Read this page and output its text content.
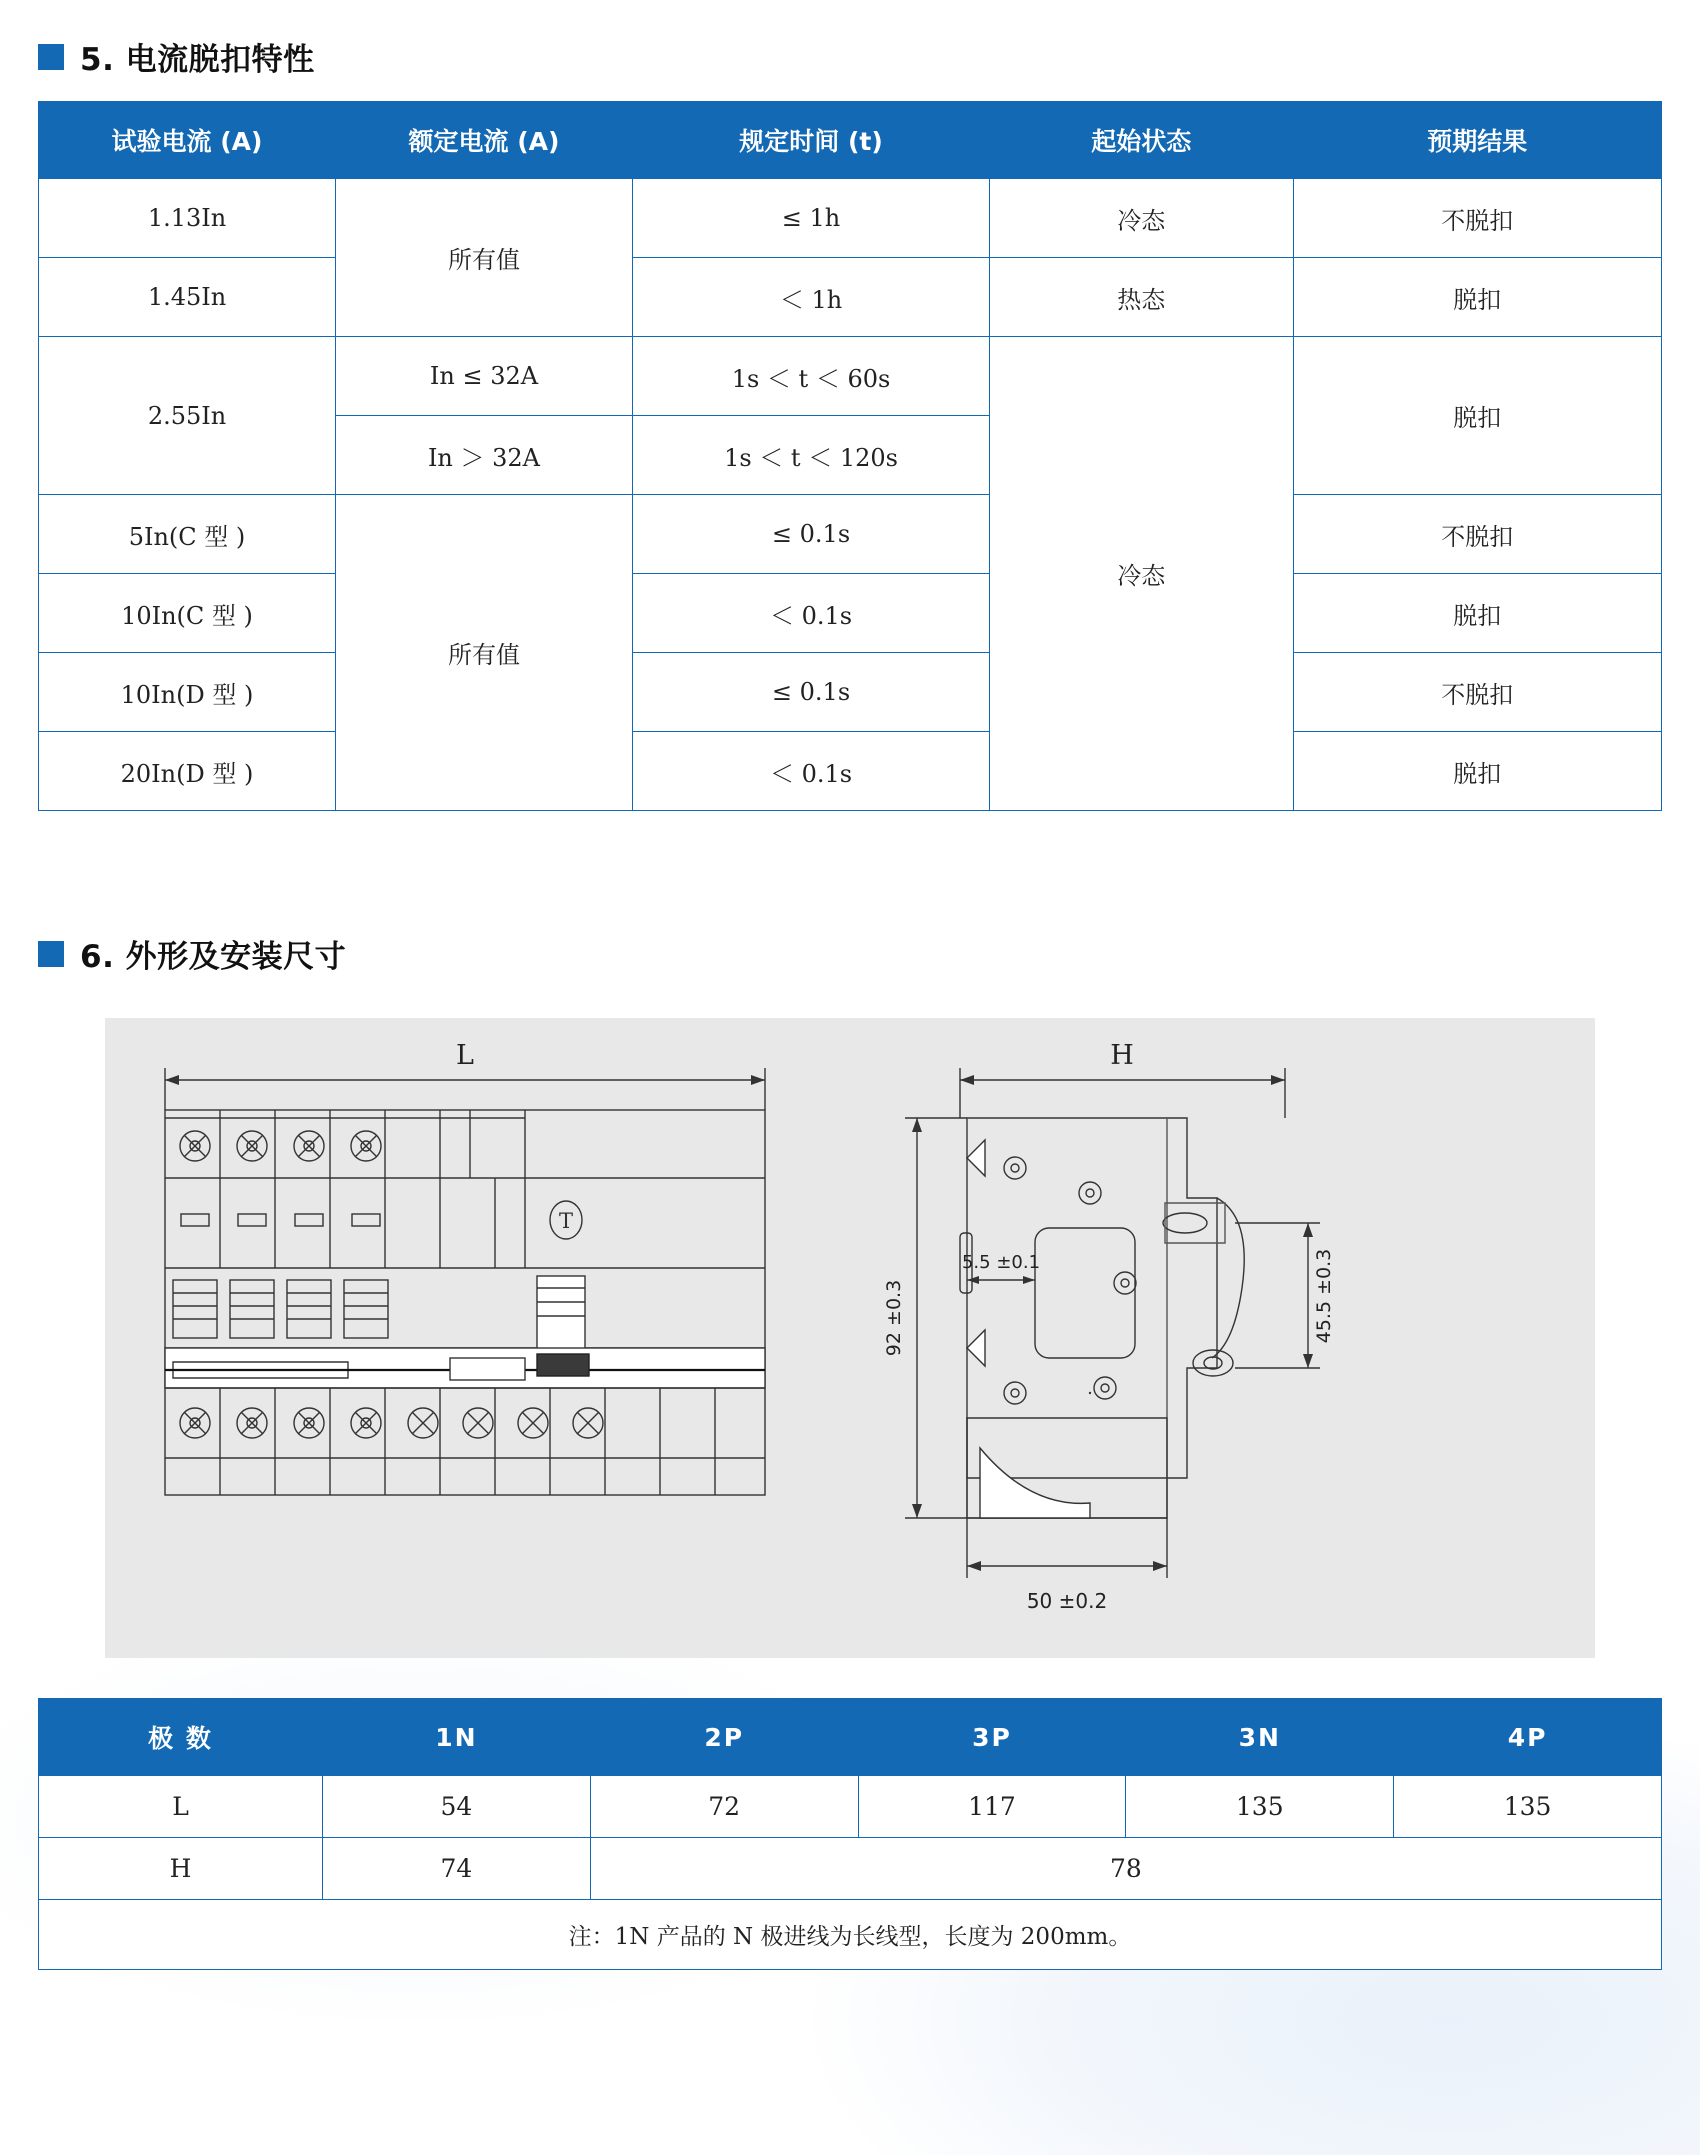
5. 电流脱扣特性
试验电流 (A)	额定电流 (A)	规定时间 (t)	起始状态	预期结果
1.13In	所有值	≤ 1h	冷态	不脱扣
1.45In		＜ 1h	热态	脱扣
2.55In	In ≤ 32A	1s ＜ t ＜ 60s	冷态	脱扣
	In ＞ 32A	1s ＜ t ＜ 120s		
5In(C 型 )	所有值	≤ 0.1s		不脱扣
10In(C 型 )		＜ 0.1s		脱扣
10In(D 型 )		≤ 0.1s		不脱扣
20In(D 型 )		＜ 0.1s		脱扣
6. 外形及安装尺寸
T
L	H
92 ±0.3
5.5 ±0.1	45.5 ±0.3
50 ±0.2
极 数	1N	2P	3P	3N	4P
L	54	72	117	135	135
H	74	78			
注：1N 产品的 N 极进线为长线型，长度为 200mm。					
